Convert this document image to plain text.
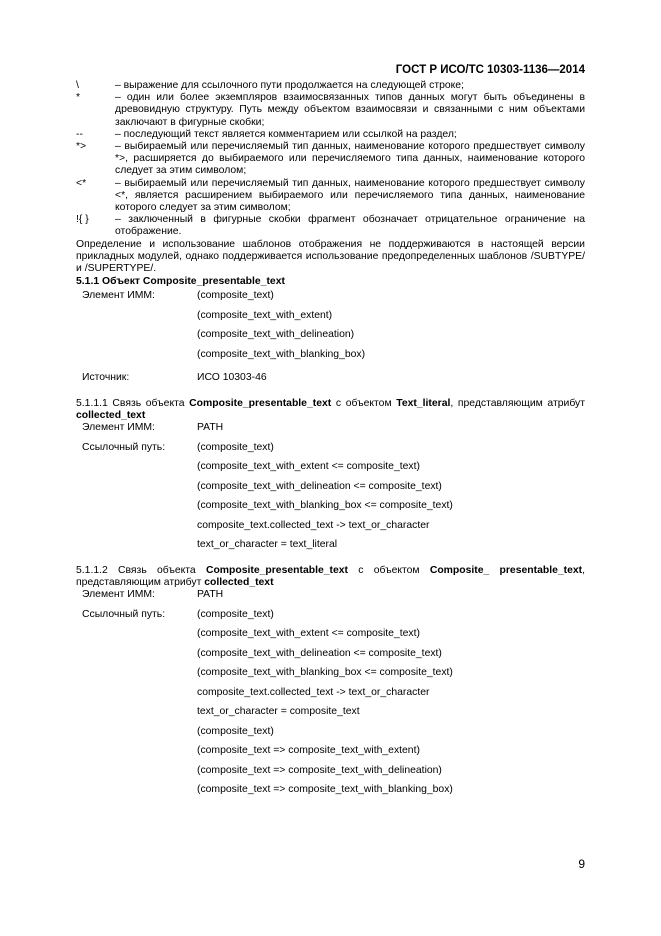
ГОСТ Р ИСО/ТС 10303-1136—2014
\	– выражение для ссылочного пути продолжается на следующей строке;
*	– один или более экземпляров взаимосвязанных типов данных могут быть объединены в древовидную структуру. Путь между объектом взаимосвязи и связанными с ним объектами заключают в фигурные скобки;
--	– последующий текст является комментарием или ссылкой на раздел;
*>	– выбираемый или перечисляемый тип данных, наименование которого предшествует символу *>, расширяется до выбираемого или перечисляемого типа данных, наименование которого следует за этим символом;
<*	– выбираемый или перечисляемый тип данных, наименование которого предшествует символу <*, является расширением выбираемого или перечисляемого типа данных, наименование которого следует за этим символом;
!{ }	– заключенный в фигурные скобки фрагмент обозначает отрицательное ограничение на отображение.
Определение и использование шаблонов отображения не поддерживаются в настоящей версии прикладных модулей, однако поддерживается использование предопределенных шаблонов /SUBTYPE/ и /SUPERTYPE/.
5.1.1 Объект Composite_presentable_text
Элемент ИММ:	(composite_text)
(composite_text_with_extent)
(composite_text_with_delineation)
(composite_text_with_blanking_box)
Источник:	ИСО 10303-46
5.1.1.1 Связь объекта Composite_presentable_text с объектом Text_literal, представляющим атрибут collected_text
Элемент ИММ:	PATH
Ссылочный путь:	(composite_text)
(composite_text_with_extent <= composite_text)
(composite_text_with_delineation <= composite_text)
(composite_text_with_blanking_box <= composite_text)
composite_text.collected_text -> text_or_character
text_or_character = text_literal
5.1.1.2 Связь объекта Composite_presentable_text с объектом Composite_ presentable_text, представляющим атрибут collected_text
Элемент ИММ:	PATH
Ссылочный путь:	(composite_text)
(composite_text_with_extent <= composite_text)
(composite_text_with_delineation <= composite_text)
(composite_text_with_blanking_box <= composite_text)
composite_text.collected_text -> text_or_character
text_or_character = composite_text
(composite_text)
(composite_text => composite_text_with_extent)
(composite_text => composite_text_with_delineation)
(composite_text => composite_text_with_blanking_box)
9
